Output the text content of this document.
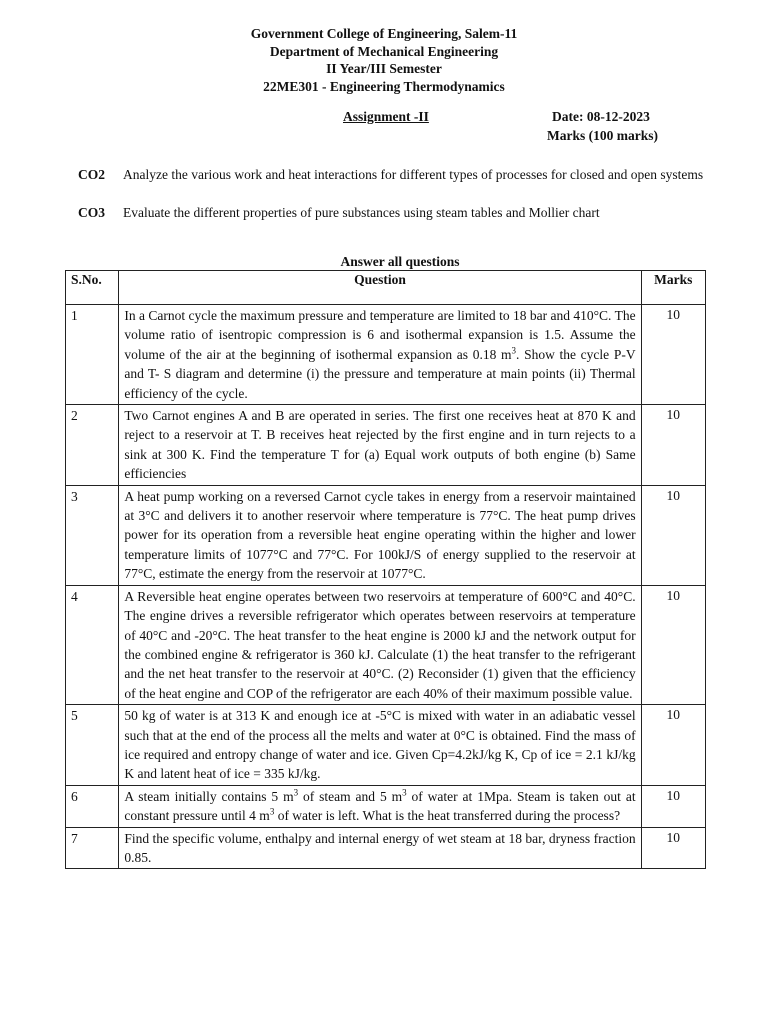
Government College of Engineering, Salem-11
Department of Mechanical Engineering
II Year/III Semester
22ME301 - Engineering Thermodynamics
Assignment -II	Date: 08-12-2023
Marks (100 marks)
CO2 Analyze the various work and heat interactions for different types of processes for closed and open systems
CO3 Evaluate the different properties of pure substances using steam tables and Mollier chart
Answer all questions
S.No.	Question	Marks
1	In a Carnot cycle the maximum pressure and temperature are limited to 18 bar and 410°C. The volume ratio of isentropic compression is 6 and isothermal expansion is 1.5. Assume the volume of the air at the beginning of isothermal expansion as 0.18 $m^3$. Show the cycle P-V and T- S diagram and determine (i) the pressure and temperature at main points (ii) Thermal efficiency of the cycle.	10
2	Two Carnot engines A and B are operated in series. The first one receives heat at 870 K and reject to a reservoir at T. B receives heat rejected by the first engine and in turn rejects to a sink at 300 K. Find the temperature T for (a) Equal work outputs of both engine (b) Same efficiencies	10
3	A heat pump working on a reversed Carnot cycle takes in energy from a reservoir maintained at 3°C and delivers it to another reservoir where temperature is 77°C. The heat pump drives power for its operation from a reversible heat engine operating within the higher and lower temperature limits of 1077°C and 77°C. For 100kJ/S of energy supplied to the reservoir at 77°C, estimate the energy from the reservoir at 1077°C.	10
4	A Reversible heat engine operates between two reservoirs at temperature of 600°C and 40°C. The engine drives a reversible refrigerator which operates between reservoirs at temperature of 40°C and -20°C. The heat transfer to the heat engine is 2000 kJ and the network output for the combined engine & refrigerator is 360 kJ. Calculate (1) the heat transfer to the refrigerant and the net heat transfer to the reservoir at 40°C. (2) Reconsider (1) given that the efficiency of the heat engine and COP of the refrigerator are each 40% of their maximum possible value.	10
5	50 kg of water is at 313 K and enough ice at -5°C is mixed with water in an adiabatic vessel such that at the end of the process all the melts and water at 0°C is obtained. Find the mass of ice required and entropy change of water and ice. Given Cp=4.2kJ/kg K, Cp of ice = 2.1 kJ/kg K and latent heat of ice = 335 kJ/kg.	10
6	A steam initially contains 5 $m^3$ of steam and 5 $m^3$ of water at 1Mpa. Steam is taken out at constant pressure until 4 $m^3$ of water is left. What is the heat transferred during the process?	10
7	Find the specific volume, enthalpy and internal energy of wet steam at 18 bar, dryness fraction 0.85.	10
